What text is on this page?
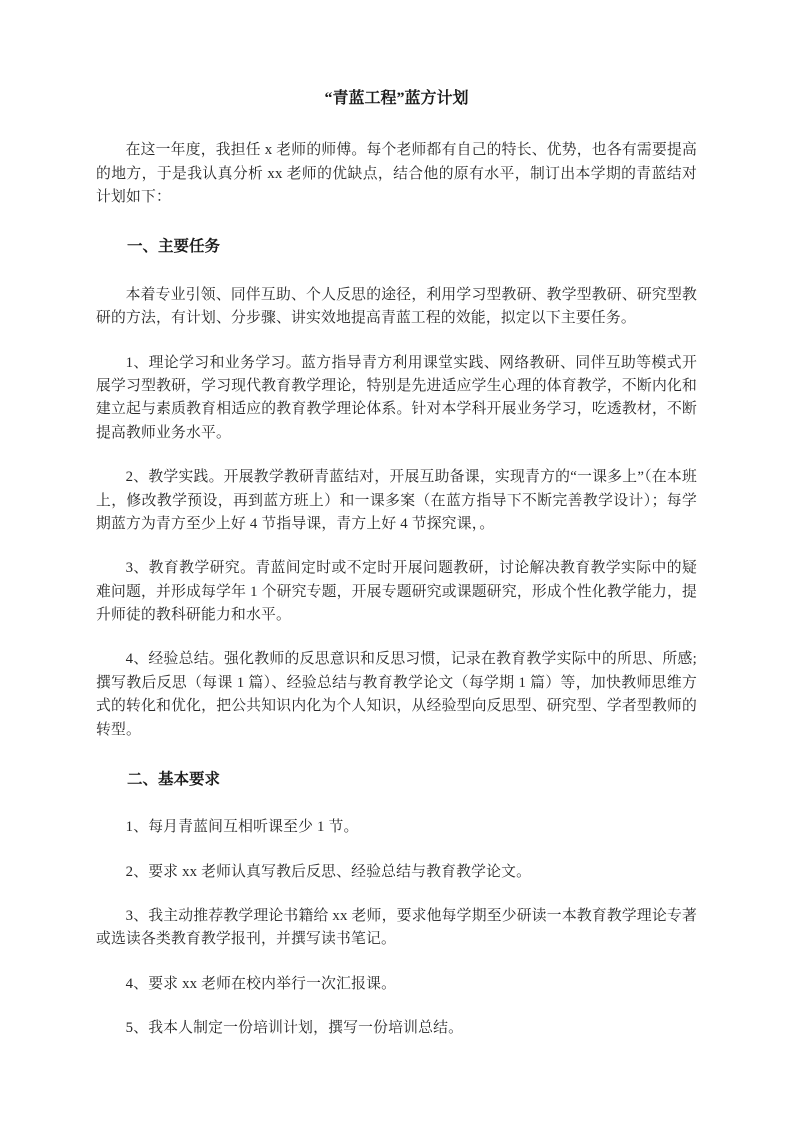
“青蓝工程”蓝方计划

在这一年度，我担任 x 老师的师傅。每个老师都有自己的特长、优势，也各有需要提高的地方，于是我认真分析 xx 老师的优缺点，结合他的原有水平，制订出本学期的青蓝结对计划如下：

一、主要任务

本着专业引领、同伴互助、个人反思的途径，利用学习型教研、教学型教研、研究型教研的方法，有计划、分步骤、讲实效地提高青蓝工程的效能，拟定以下主要任务。

1、理论学习和业务学习。蓝方指导青方利用课堂实践、网络教研、同伴互助等模式开展学习型教研，学习现代教育教学理论，特别是先进适应学生心理的体育教学，不断内化和建立起与素质教育相适应的教育教学理论体系。针对本学科开展业务学习，吃透教材，不断提高教师业务水平。

2、教学实践。开展教学教研青蓝结对，开展互助备课，实现青方的“一课多上”（在本班上，修改教学预设，再到蓝方班上）和一课多案（在蓝方指导下不断完善教学设计）；每学期蓝方为青方至少上好 4 节指导课，青方上好 4 节探究课，。

3、教育教学研究。青蓝间定时或不定时开展问题教研，讨论解决教育教学实际中的疑难问题，并形成每学年 1 个研究专题，开展专题研究或课题研究，形成个性化教学能力，提升师徒的教科研能力和水平。

4、经验总结。强化教师的反思意识和反思习惯，记录在教育教学实际中的所思、所感;撰写教后反思（每课 1 篇）、经验总结与教育教学论文（每学期 1 篇）等，加快教师思维方式的转化和优化，把公共知识内化为个人知识，从经验型向反思型、研究型、学者型教师的转型。

二、基本要求

1、每月青蓝间互相听课至少 1 节。

2、要求 xx 老师认真写教后反思、经验总结与教育教学论文。

3、我主动推荐教学理论书籍给 xx 老师，要求他每学期至少研读一本教育教学理论专著或选读各类教育教学报刊，并撰写读书笔记。

4、要求 xx 老师在校内举行一次汇报课。

5、我本人制定一份培训计划，撰写一份培训总结。
